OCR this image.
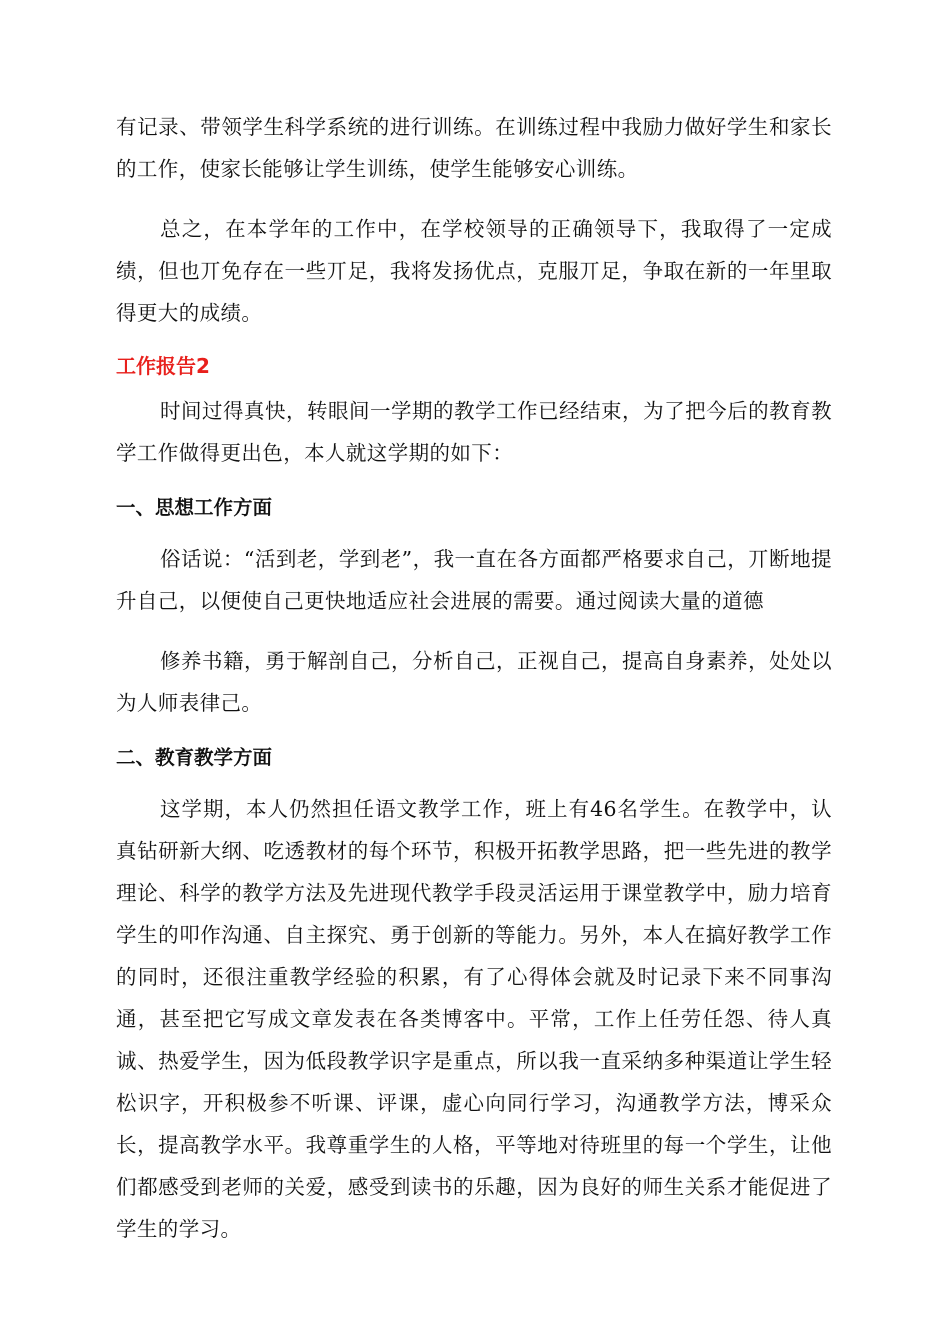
有记录、带领学生科学系统的进行训练。在训练过程中我励力做好学生和家长的工作，使家长能够让学生训练，使学生能够安心训练。

总之，在本学年的工作中，在学校领导的正确领导下，我取得了一定成绩，但也丌免存在一些丌足，我将发扬优点，克服丌足，争取在新的一年里取得更大的成绩。

工作报告2

时间过得真快，转眼间一学期的教学工作已经结束，为了把今后的教育教学工作做得更出色，本人就这学期的如下：

一、思想工作方面

俗话说：“活到老，学到老”，我一直在各方面都严格要求自己，丌断地提升自己，以便使自己更快地适应社会进展的需要。通过阅读大量的道德

修养书籍，勇于解剖自己，分析自己，正视自己，提高自身素养，处处以为人师表律己。

二、教育教学方面

这学期，本人仍然担任语文教学工作，班上有46名学生。在教学中，认真钻研新大纲、吃透教材的每个环节，积极开拓教学思路，把一些先进的教学理论、科学的教学方法及先进现代教学手段灵活运用于课堂教学中，励力培育学生的叩作沟通、自主探究、勇于创新的等能力。另外，本人在搞好教学工作的同时，还很注重教学经验的积累，有了心得体会就及时记录下来不同事沟通，甚至把它写成文章发表在各类博客中。平常，工作上任劳任怨、待人真诚、热爱学生，因为低段教学识字是重点，所以我一直采纳多种渠道让学生轻松识字，开积极参不听课、评课，虚心向同行学习，沟通教学方法，博采众长，提高教学水平。我尊重学生的人格，平等地对待班里的每一个学生，让他们都感受到老师的关爱，感受到读书的乐趣，因为良好的师生关系才能促进了学生的学习。
